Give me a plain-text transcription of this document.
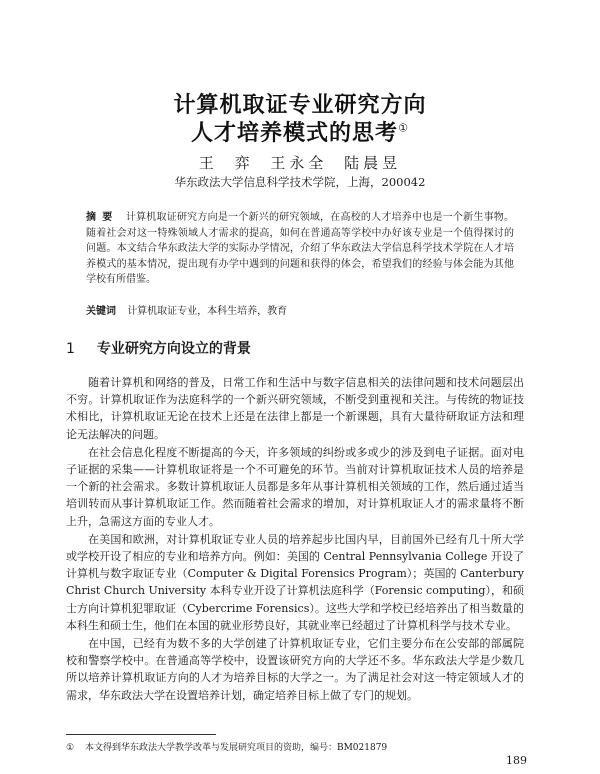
计算机取证专业研究方向
人才培养模式的思考①
王 弈 王永全 陆晨昱
华东政法大学信息科学技术学院，上海，200042
摘要 计算机取证研究方向是一个新兴的研究领域，在高校的人才培养中也是一个新生事物。随着社会对这一特殊领域人才需求的提高，如何在普通高等学校中办好该专业是一个值得探讨的问题。本文结合华东政法大学的实际办学情况，介绍了华东政法大学信息科学技术学院在人才培养模式的基本情况，提出现有办学中遇到的问题和获得的体会，希望我们的经验与体会能为其他学校有所借鉴。
关键词 计算机取证专业，本科生培养，教育
1 专业研究方向设立的背景

随着计算机和网络的普及，日常工作和生活中与数字信息相关的法律问题和技术问题层出不穷。计算机取证作为法庭科学的一个新兴研究领域，不断受到重视和关注。与传统的物证技术相比，计算机取证无论在技术上还是在法律上都是一个新课题，具有大量待研取证方法和理论无法解决的问题。

在社会信息化程度不断提高的今天，许多领域的纠纷或多或少的涉及到电子证据。面对电子证据的采集——计算机取证将是一个不可避免的环节。当前对计算机取证技术人员的培养是一个新的社会需求。多数计算机取证人员都是多年从事计算机相关领域的工作，然后通过适当培训转而从事计算机取证工作。然而随着社会需求的增加，对计算机取证人才的需求量将不断上升，急需这方面的专业人才。

在美国和欧洲，对计算机取证专业人员的培养起步比国内早，目前国外已经有几十所大学或学校开设了相应的专业和培养方向。例如：美国的 Central Pennsylvania College 开设了计算机与数字取证专业（Computer & Digital Forensics Program）；英国的 Canterbury Christ Church University 本科专业开设了计算机法庭科学（Forensic computing），和硕士方向计算机犯罪取证（Cybercrime Forensics）。这些大学和学校已经培养出了相当数量的本科生和硕士生，他们在本国的就业形势良好，其就业率已经超过了计算机科学与技术专业。

在中国，已经有为数不多的大学创建了计算机取证专业，它们主要分布在公安部的部属院校和警察学校中。在普通高等学校中，设置该研究方向的大学还不多。华东政法大学是少数几所以培养计算机取证方向的人才为培养目标的大学之一。为了满足社会对这一特定领域人才的需求，华东政法大学在设置培养计划，确定培养目标上做了专门的规划。

① 本文得到华东政法大学教学改革与发展研究项目的资助，编号：BM021879
189
